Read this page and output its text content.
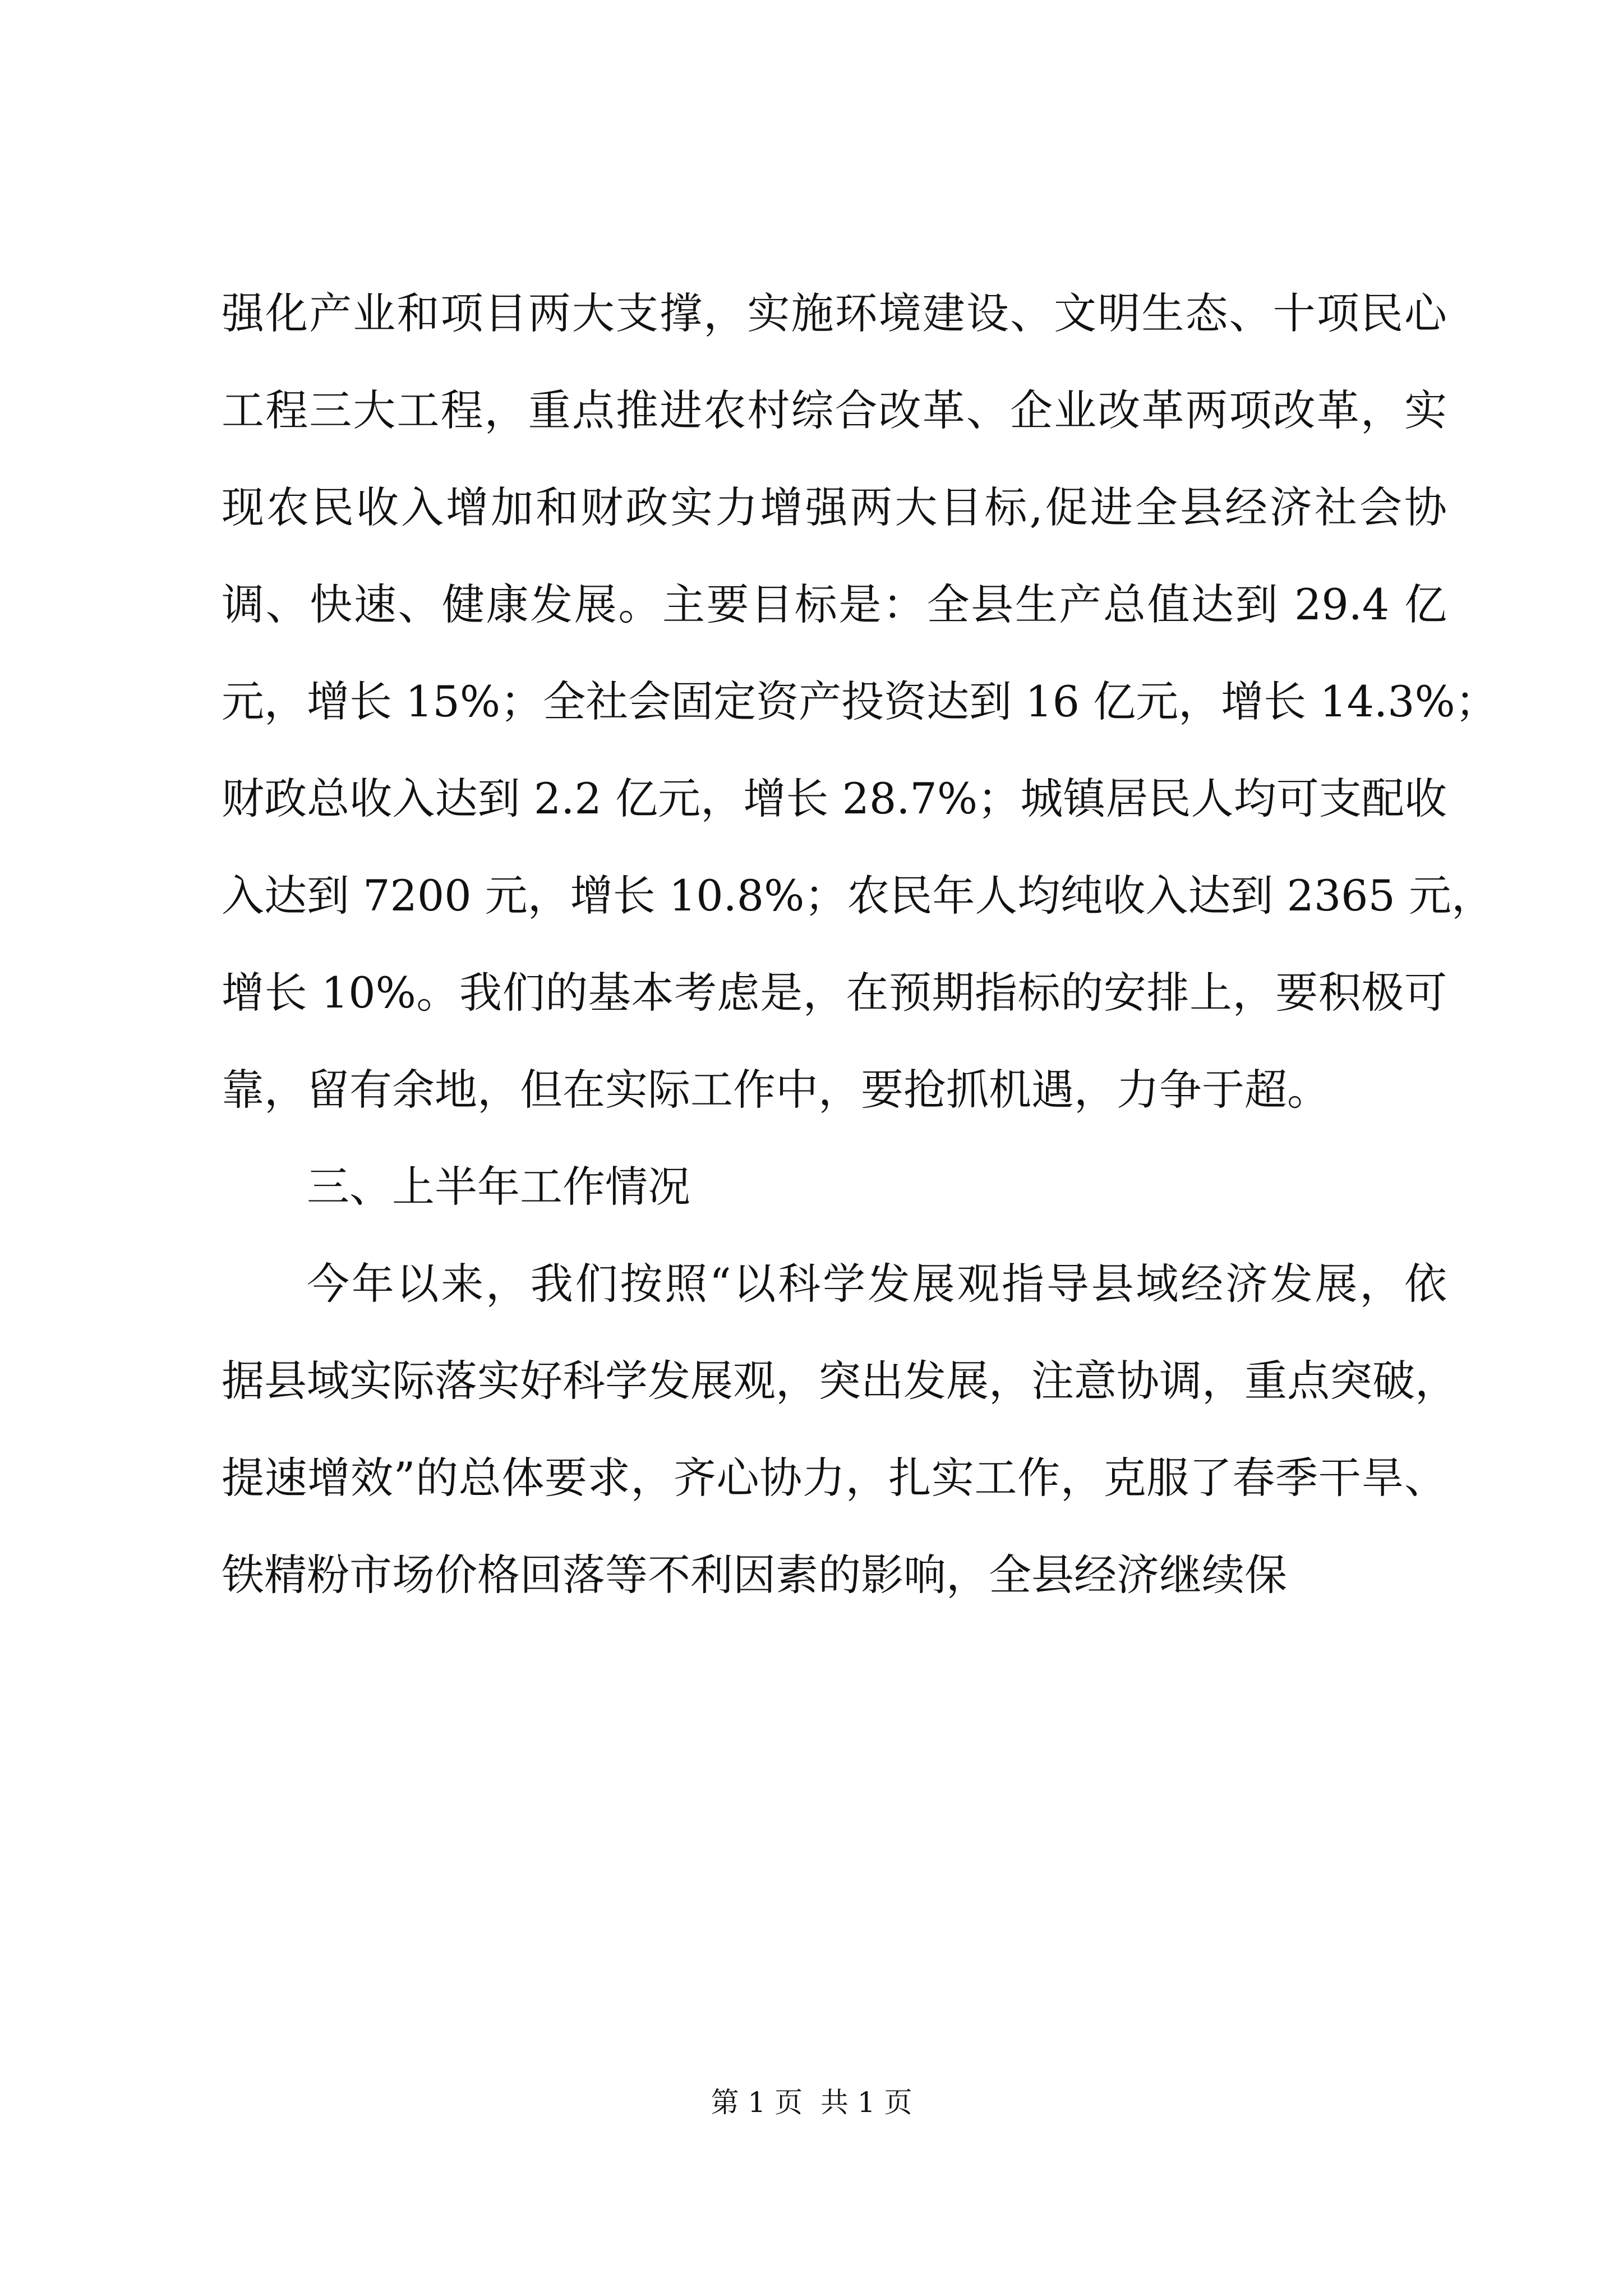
强化产业和项目两大支撑，实施环境建设、文明生态、十项民心
工程三大工程，重点推进农村综合改革、企业改革两项改革，实
现农民收入增加和财政实力增强两大目标,促进全县经济社会协
调、快速、健康发展。主要目标是：全县生产总值达到 29.4 亿
元，增长 15%；全社会固定资产投资达到 16 亿元，增长 14.3%；
财政总收入达到 2.2 亿元，增长 28.7%；城镇居民人均可支配收
入达到 7200 元，增长 10.8%；农民年人均纯收入达到 2365 元，
增长 10%。我们的基本考虑是，在预期指标的安排上，要积极可
靠，留有余地，但在实际工作中，要抢抓机遇，力争于超。
三、上半年工作情况
今年以来，我们按照“以科学发展观指导县域经济发展，依
据县域实际落实好科学发展观，突出发展，注意协调，重点突破，
提速增效”的总体要求，齐心协力，扎实工作，克服了春季干旱、
铁精粉市场价格回落等不利因素的影响，全县经济继续保
第 1 页  共 1 页
